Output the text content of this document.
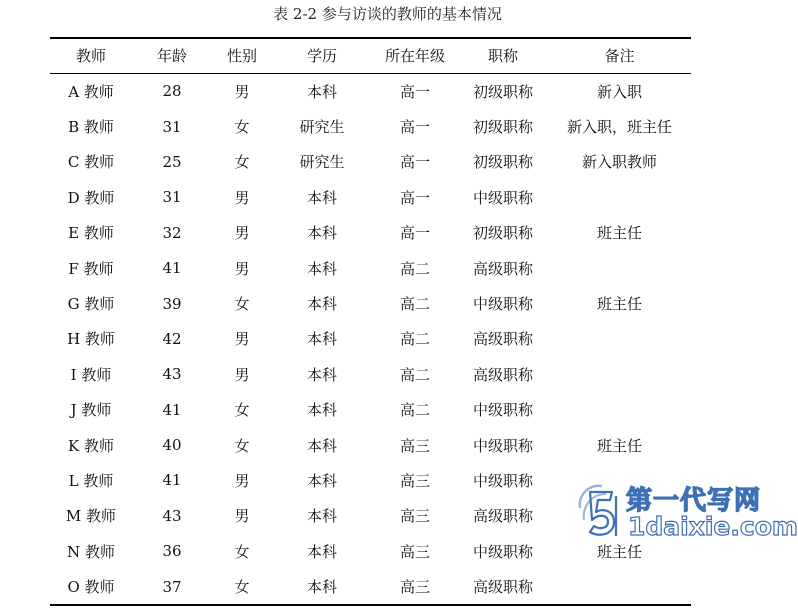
表 2-2 参与访谈的教师的基本情况
教师	年龄	性别	学历	所在年级	职称	备注
A 教师	28	男	本科	高一	初级职称	新入职
B 教师	31	女	研究生	高一	初级职称	新入职，班主任
C 教师	25	女	研究生	高一	初级职称	新入职教师
D 教师	31	男	本科	高一	中级职称	
E 教师	32	男	本科	高一	初级职称	班主任
F 教师	41	男	本科	高二	高级职称	
G 教师	39	女	本科	高二	中级职称	班主任
H 教师	42	男	本科	高二	高级职称	
I 教师	43	男	本科	高二	高级职称	
J 教师	41	女	本科	高二	中级职称	
K 教师	40	女	本科	高三	中级职称	班主任
L 教师	41	男	本科	高三	中级职称	
M 教师	43	男	本科	高三	高级职称	
N 教师	36	女	本科	高三	中级职称	班主任
O 教师	37	女	本科	高三	高级职称	
第一代写网
1daixie.com
